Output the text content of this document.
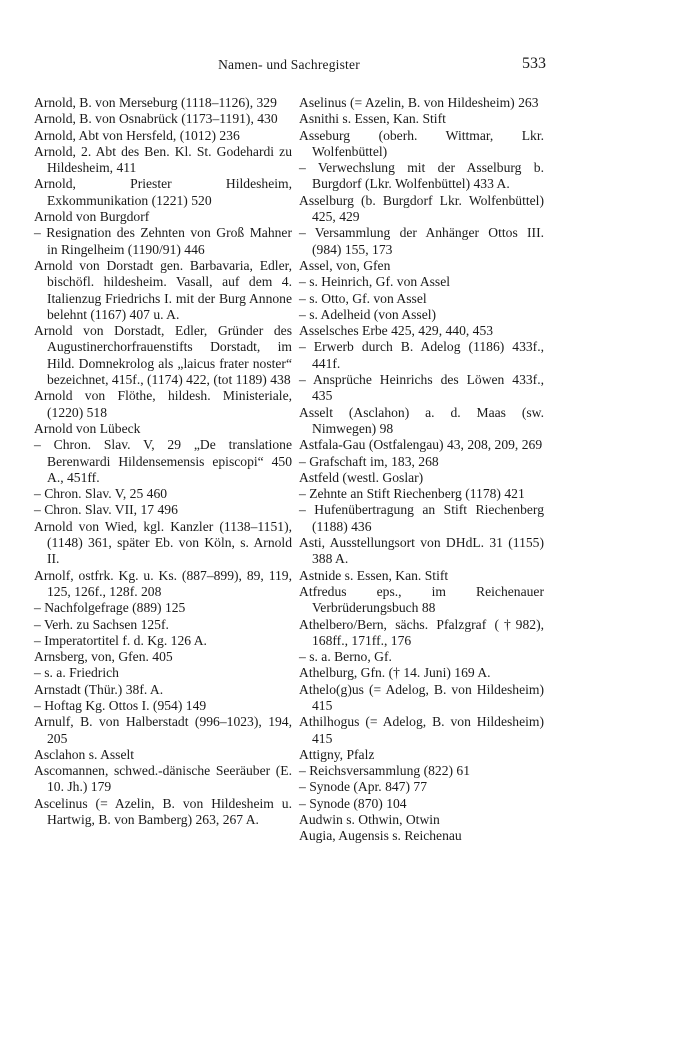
Namen- und Sachregister	533
Arnold, B. von Merseburg (1118–1126), 329
Arnold, B. von Osnabrück (1173–1191), 430
Arnold, Abt von Hersfeld, (1012) 236
Arnold, 2. Abt des Ben. Kl. St. Godehardi zu Hildesheim, 411
Arnold, Priester Hildesheim, Exkommunikation (1221) 520
Arnold von Burgdorf
– Resignation des Zehnten von Groß Mahner in Ringelheim (1190/91) 446
Arnold von Dorstadt gen. Barbavaria, Edler, bischöfl. hildesheim. Vasall, auf dem 4. Italienzug Friedrichs I. mit der Burg Annone belehnt (1167) 407 u. A.
Arnold von Dorstadt, Edler, Gründer des Augustinerchorfrauenstifts Dorstadt, im Hild. Domnekrolog als „laicus frater noster“ bezeichnet, 415f., (1174) 422, (tot 1189) 438
Arnold von Flöthe, hildesh. Ministeriale, (1220) 518
Arnold von Lübeck
– Chron. Slav. V, 29 „De translatione Berenwardi Hildensemensis episcopi“ 450 A., 451ff.
– Chron. Slav. V, 25 460
– Chron. Slav. VII, 17 496
Arnold von Wied, kgl. Kanzler (1138–1151), (1148) 361, später Eb. von Köln, s. Arnold II.
Arnolf, ostfrk. Kg. u. Ks. (887–899), 89, 119, 125, 126f., 128f. 208
– Nachfolgefrage (889) 125
– Verh. zu Sachsen 125f.
– Imperatortitel f. d. Kg. 126 A.
Arnsberg, von, Gfen. 405
– s. a. Friedrich
Arnstadt (Thür.) 38f. A.
– Hoftag Kg. Ottos I. (954) 149
Arnulf, B. von Halberstadt (996–1023), 194, 205
Asclahon s. Asselt
Ascomannen, schwed.-dänische Seeräuber (E. 10. Jh.) 179
Ascelinus (= Azelin, B. von Hildesheim u. Hartwig, B. von Bamberg) 263, 267 A.
Aselinus (= Azelin, B. von Hildesheim) 263
Asnithi s. Essen, Kan. Stift
Asseburg (oberh. Wittmar, Lkr. Wolfenbüttel)
– Verwechslung mit der Asselburg b. Burgdorf (Lkr. Wolfenbüttel) 433 A.
Asselburg (b. Burgdorf Lkr. Wolfenbüttel) 425, 429
– Versammlung der Anhänger Ottos III. (984) 155, 173
Assel, von, Gfen
– s. Heinrich, Gf. von Assel
– s. Otto, Gf. von Assel
– s. Adelheid (von Assel)
Asselsches Erbe 425, 429, 440, 453
– Erwerb durch B. Adelog (1186) 433f., 441f.
– Ansprüche Heinrichs des Löwen 433f., 435
Asselt (Asclahon) a. d. Maas (sw. Nimwegen) 98
Astfala-Gau (Ostfalengau) 43, 208, 209, 269
– Grafschaft im, 183, 268
Astfeld (westl. Goslar)
– Zehnte an Stift Riechenberg (1178) 421
– Hufenübertragung an Stift Riechenberg (1188) 436
Asti, Ausstellungsort von DHdL. 31 (1155) 388 A.
Astnide s. Essen, Kan. Stift
Atfredus eps., im Reichenauer Verbrüderungsbuch 88
Athelbero/Bern, sächs. Pfalzgraf (†982), 168ff., 171ff., 176
– s. a. Berno, Gf.
Athelburg, Gfn. († 14. Juni) 169 A.
Athelo(g)us (= Adelog, B. von Hildesheim) 415
Athilhogus (= Adelog, B. von Hildesheim) 415
Attigny, Pfalz
– Reichsversammlung (822) 61
– Synode (Apr. 847) 77
– Synode (870) 104
Audwin s. Othwin, Otwin
Augia, Augensis s. Reichenau
